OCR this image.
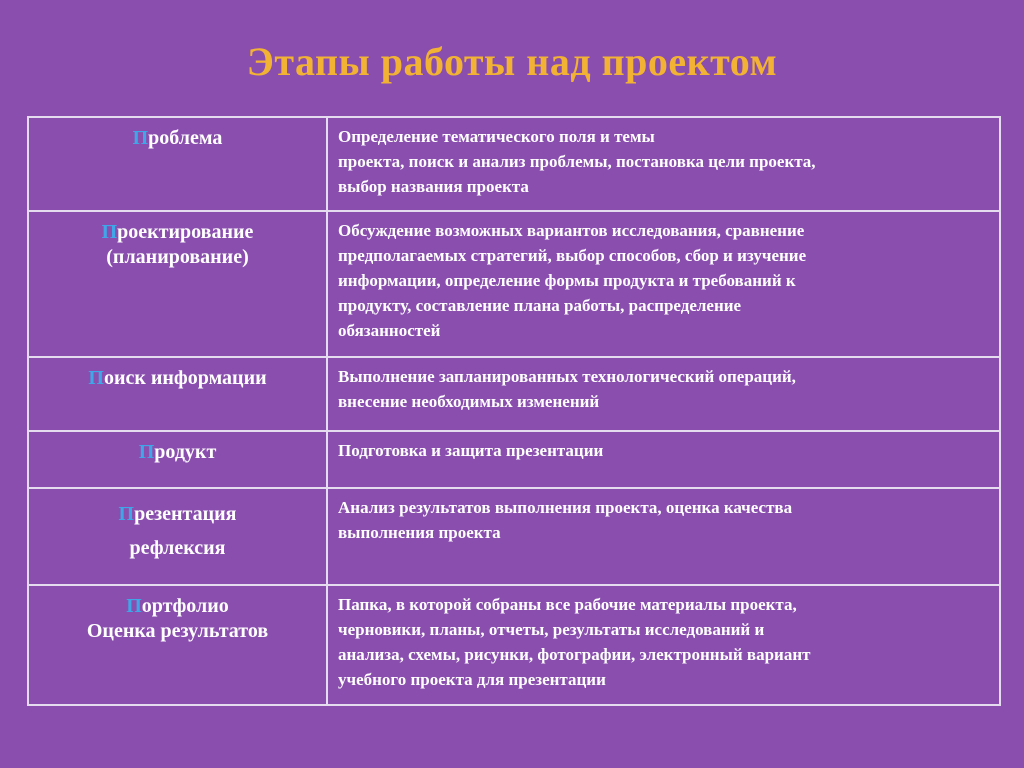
Этапы работы над проектом
Проблема	Определение тематического поля и темы
проекта, поиск и анализ проблемы, постановка цели проекта,
выбор названия проекта

Проектирование
(планирование)	Обсуждение возможных вариантов исследования, сравнение
предполагаемых стратегий, выбор способов, сбор и изучение
информации, определение формы продукта и требований к
продукту, составление плана работы, распределение
обязанностей

Поиск информации	Выполнение запланированных технологический операций,
внесение необходимых изменений

Продукт	Подготовка и защита презентации

Презентация
рефлексия	Анализ результатов выполнения проекта, оценка качества
выполнения проекта

Портфолио
Оценка результатов	Папка, в которой собраны все рабочие материалы проекта,
черновики, планы, отчеты, результаты исследований и
анализа, схемы, рисунки, фотографии, электронный вариант
учебного проекта для презентации
